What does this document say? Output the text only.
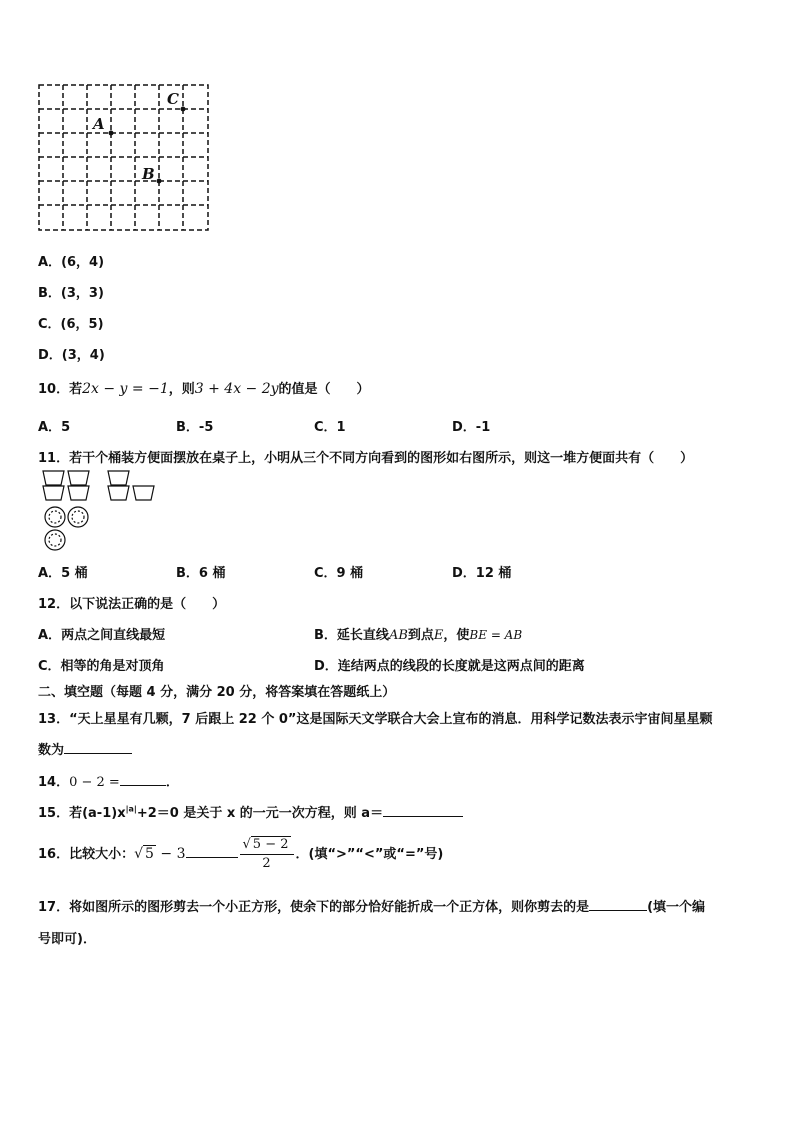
C
A
B
A．(6，4)
B．(3，3)
C．(6，5)
D．(3，4)
10．若2x − y = −1，则3 + 4x − 2y的值是（　　）
A．5	B．-5	C．1	D．-1
11．若干个桶装方便面摆放在桌子上，小明从三个不同方向看到的图形如右图所示，则这一堆方便面共有（　　）
A．5 桶	B．6 桶	C．9 桶	D．12 桶
12．以下说法正确的是（　　）
A．两点之间直线最短	B．延长直线AB到点E，使BE = AB
C．相等的角是对顶角	D．连结两点的线段的长度就是这两点间的距离
二、填空题（每题 4 分，满分 20 分，将答案填在答题纸上）
13．“天上星星有几颗，7 后跟上 22 个 0”这是国际天文学联合大会上宣布的消息．用科学记数法表示宇宙间星星颗
数为
14．0 − 2 =	．
15．若$(a-1)x^{|a|}+2=0$ 是关于 x 的一元一次方程，则 a＝
16．比较大小：√ 5 − 3	$\frac{√ 5 - 2}{2}$ ．(填“>”“<”或“=”号)
17．将如图所示的图形剪去一个小正方形，使余下的部分恰好能折成一个正方体，则你剪去的是	(填一个编
号即可)．
